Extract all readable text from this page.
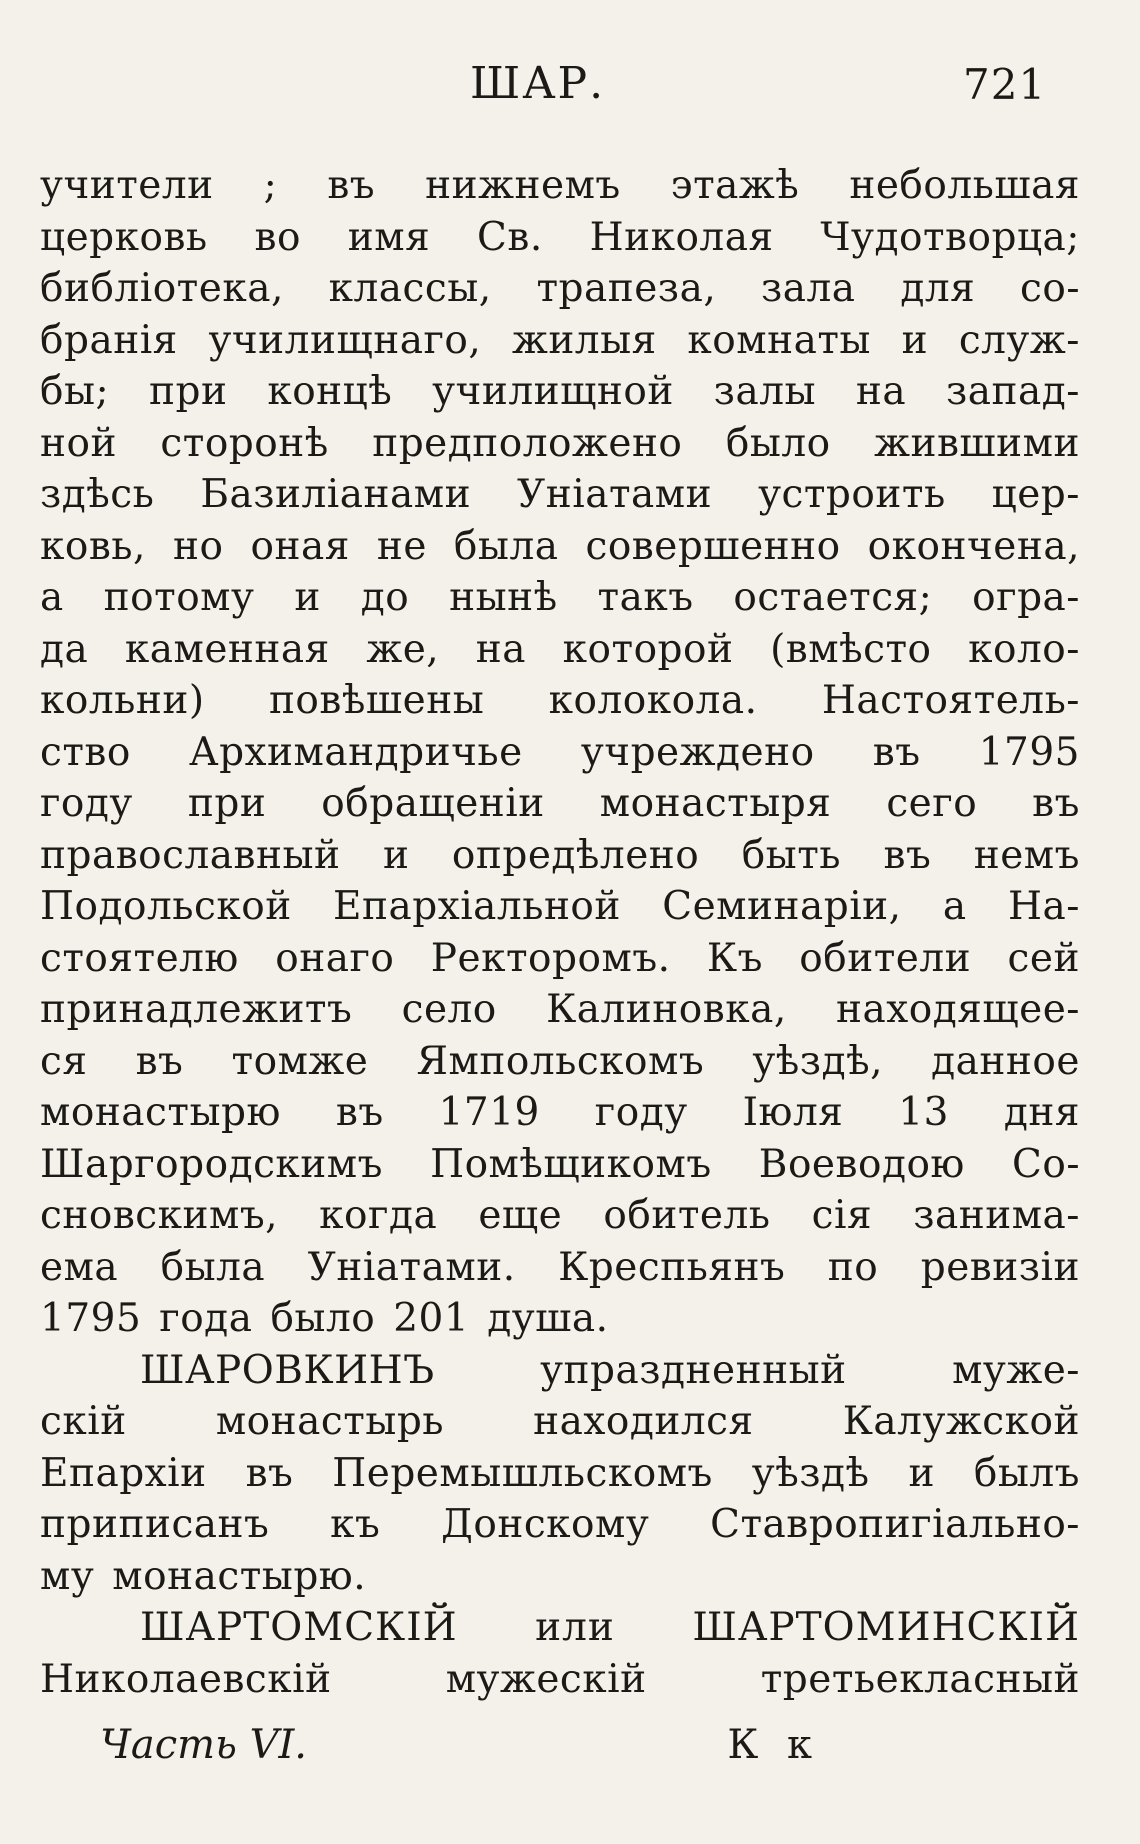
ШАР.	721
учители ; въ нижнемъ этажѣ небольшая
церковь во имя Св. Николая Чудотворца;
библіотека, классы, трапеза, зала для со-
бранія училищнаго, жилыя комнаты и служ-
бы; при концѣ училищной залы на запад-
ной сторонѣ предположено было жившими
здѣсь Базиліанами Уніатами устроить цер-
ковь, но оная не была совершенно окончена,
а потому и до нынѣ такъ остается; огра-
да каменная же, на которой (вмѣсто коло-
кольни) повѣшены колокола. Настоятель-
ство Архимандричье учреждено въ 1795
году при обращеніи монастыря сего въ
православный и опредѣлено быть въ немъ
Подольской Епархіальной Семинаріи, а На-
стоятелю онаго Ректоромъ. Къ обители сей
принадлежитъ село Калиновка, находящее-
ся въ томже Ямпольскомъ уѣздѣ, данное
монастырю въ 1719 году Іюля 13 дня
Шаргородскимъ Помѣщикомъ Воеводою Со-
сновскимъ, когда еще обитель сія занима-
ема была Уніатами. Креспьянъ по ревизіи
1795 года было 201 душа.
ШАРОВКИНЪ	упраздненный	муже-
скій монастырь находился Калужской
Епархіи въ Перемышльскомъ уѣздѣ и былъ
приписанъ къ Донскому Ставропигіально-
му монастырю.
ШАРТОМСКІЙ или ШАРТОМИНСКІЙ
Николаевскій	мужескій	третьекласный
Часть VI.	К к
